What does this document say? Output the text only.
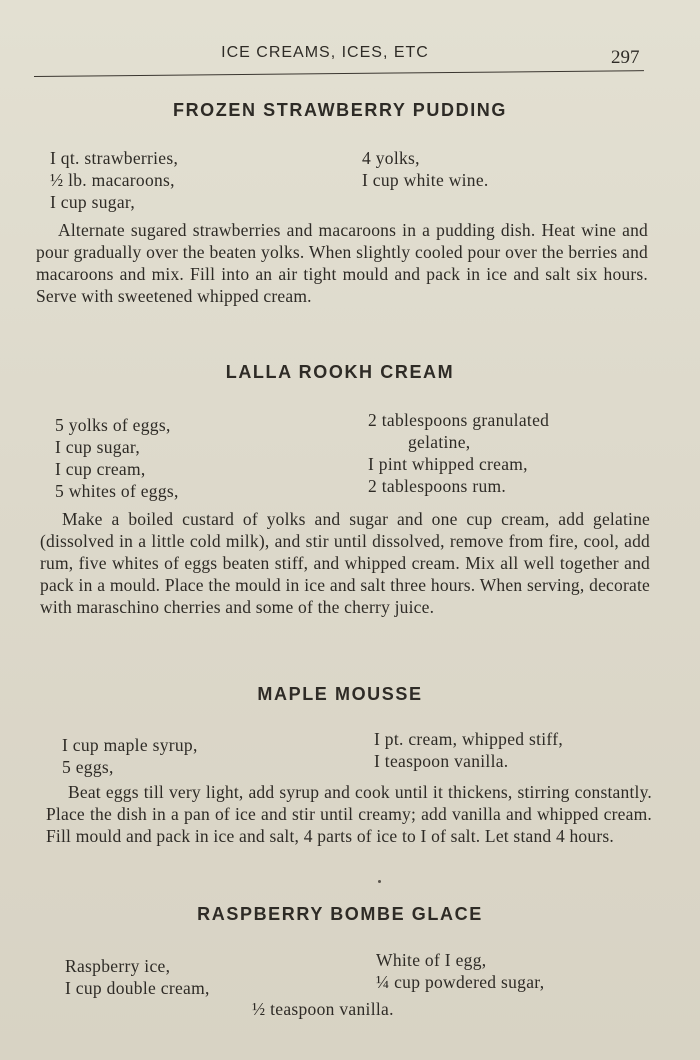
ICE CREAMS, ICES, ETC	297
FROZEN STRAWBERRY PUDDING
I qt. strawberries,
½ lb. macaroons,
I cup sugar,
4 yolks,
I cup white wine.
Alternate sugared strawberries and macaroons in a pudding dish. Heat wine and pour gradually over the beaten yolks. When slightly cooled pour over the berries and macaroons and mix. Fill into an air tight mould and pack in ice and salt six hours. Serve with sweetened whipped cream.
LALLA ROOKH CREAM
5 yolks of eggs,
I cup sugar,
I cup cream,
5 whites of eggs,
2 tablespoons granulated
gelatine,
I pint whipped cream,
2 tablespoons rum.
Make a boiled custard of yolks and sugar and one cup cream, add gelatine (dissolved in a little cold milk), and stir until dissolved, remove from fire, cool, add rum, five whites of eggs beaten stiff, and whipped cream. Mix all well together and pack in a mould. Place the mould in ice and salt three hours. When serving, decorate with maraschino cherries and some of the cherry juice.
MAPLE MOUSSE
I cup maple syrup,
5 eggs,
I pt. cream, whipped stiff,
I teaspoon vanilla.
Beat eggs till very light, add syrup and cook until it thickens, stirring constantly. Place the dish in a pan of ice and stir until creamy; add vanilla and whipped cream. Fill mould and pack in ice and salt, 4 parts of ice to I of salt. Let stand 4 hours.
RASPBERRY BOMBE GLACE
Raspberry ice,
I cup double cream,
White of I egg,
¼ cup powdered sugar,
½ teaspoon vanilla.
